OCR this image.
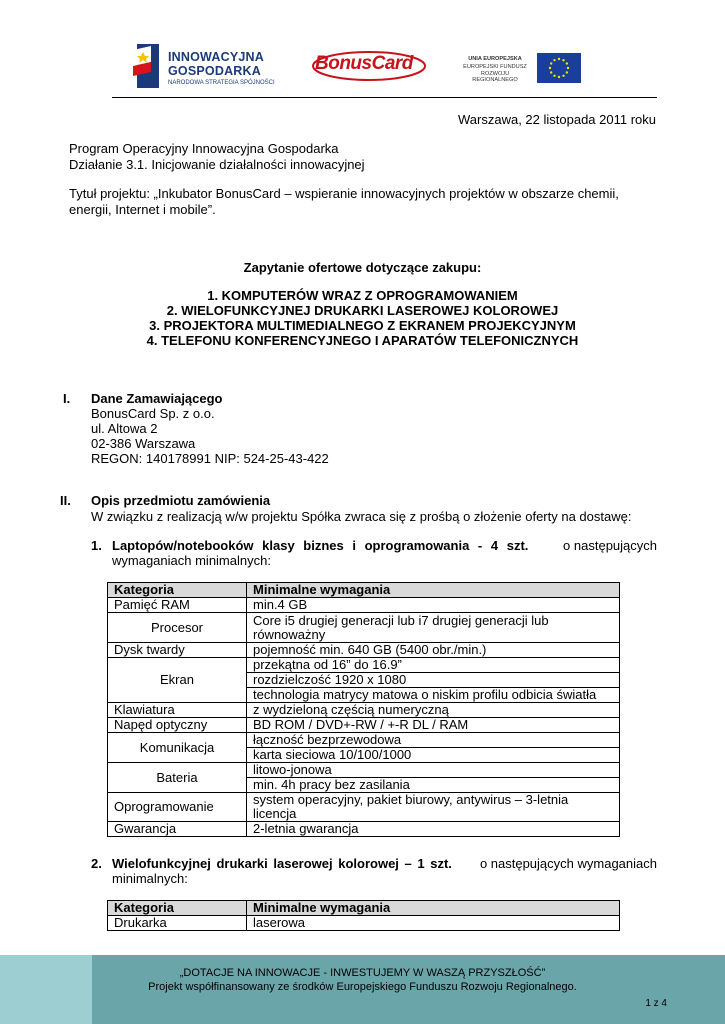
INNOWACYJNA
GOSPODARKA
NARODOWA STRATEGIA SPÓJNOŚCI
BonusCard	UNIA EUROPEJSKA
EUROPEJSKI FUNDUSZ
ROZWOJU REGIONALNEGO
Warszawa, 22 listopada 2011 roku
Program Operacyjny Innowacyjna Gospodarka
Działanie 3.1. Inicjowanie działalności innowacyjnej
Tytuł projektu: „Inkubator BonusCard – wspieranie innowacyjnych projektów w obszarze chemii,
energii, Internet i mobile”.
Zapytanie ofertowe dotyczące zakupu:
1. KOMPUTERÓW WRAZ Z OPROGRAMOWANIEM
2. WIELOFUNKCYJNEJ DRUKARKI LASEROWEJ KOLOROWEJ
3. PROJEKTORA MULTIMEDIALNEGO Z EKRANEM PROJEKCYJNYM
4. TELEFONU KONFERENCYJNEGO I APARATÓW TELEFONICZNYCH
I. Dane Zamawiającego
BonusCard Sp. z o.o.
ul. Altowa 2
02-386 Warszawa
REGON: 140178991 NIP: 524-25-43-422
II. Opis przedmiotu zamówienia
W związku z realizacją w/w projektu Spółka zwraca się z prośbą o złożenie oferty na dostawę:
1. Laptopów/notebooków klasy biznes i oprogramowania - 4 szt.	o następujących
wymaganiach minimalnych:
Kategoria	Minimalne wymagania
Pamięć RAM	min.4 GB
Procesor	Core i5 drugiej generacji lub i7 drugiej generacji lub
równoważny

Dysk twardy	pojemność min. 640 GB (5400 obr./min.)
Ekran	przekątna od 16” do 16.9”
	rozdzielczość 1920 x 1080
	technologia matrycy matowa o niskim profilu odbicia światła
Klawiatura	z wydzieloną częścią numeryczną
Napęd optyczny	BD ROM / DVD+-RW / +-R DL / RAM
Komunikacja	łączność bezprzewodowa
	karta sieciowa 10/100/1000
Bateria	litowo-jonowa
	min. 4h pracy bez zasilania
Oprogramowanie	system operacyjny, pakiet biurowy, antywirus – 3-letnia licencja
Gwarancja	2-letnia gwarancja
2. Wielofunkcyjnej drukarki laserowej kolorowej – 1 szt. o następujących wymaganiach
minimalnych:
Kategoria	Minimalne wymagania
Drukarka	laserowa
„DOTACJE NA INNOWACJE - INWESTUJEMY W WASZĄ PRZYSZŁOŚĆ”
Projekt współfinansowany ze środków Europejskiego Funduszu Rozwoju Regionalnego.
1 z 4
